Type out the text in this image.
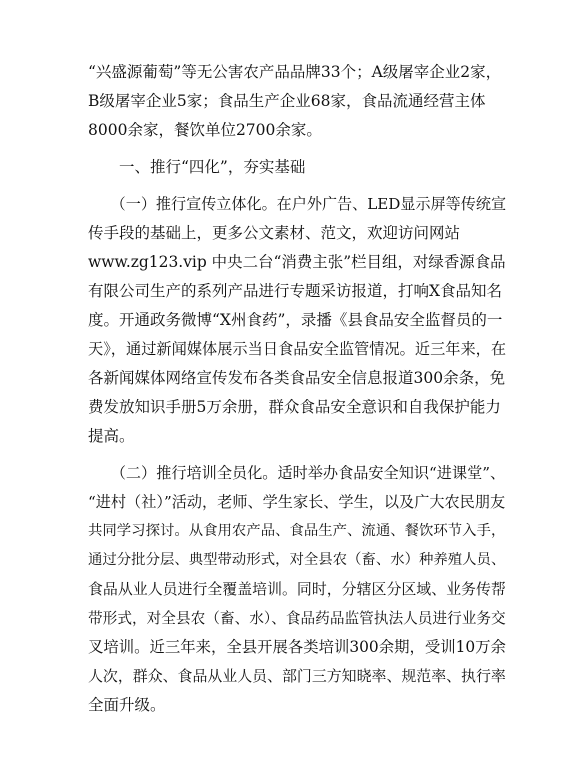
“兴盛源葡萄”等无公害农产品品牌33个；A级屠宰企业2家，
B级屠宰企业5家；食品生产企业68家，食品流通经营主体
8000余家，餐饮单位2700余家。
　　一、推行“四化”，夯实基础
　　（一）推行宣传立体化。在户外广告、LED显示屏等传统宣
传手段的基础上，更多公文素材、范文，欢迎访问网站
www.zg123.vip 中央二台“消费主张”栏目组，对绿香源食品
有限公司生产的系列产品进行专题采访报道，打响X食品知名
度。开通政务微博“X州食药”，录播《县食品安全监督员的一
天》，通过新闻媒体展示当日食品安全监管情况。近三年来，在
各新闻媒体网络宣传发布各类食品安全信息报道300余条，免
费发放知识手册5万余册，群众食品安全意识和自我保护能力
提高。
　　（二）推行培训全员化。适时举办食品安全知识“进课堂”、
“进村（社）”活动，老师、学生家长、学生，以及广大农民朋友
共同学习探讨。从食用农产品、食品生产、流通、餐饮环节入手，
通过分批分层、典型带动形式，对全县农（畜、水）种养殖人员、
食品从业人员进行全覆盖培训。同时，分辖区分区域、业务传帮
带形式，对全县农（畜、水）、食品药品监管执法人员进行业务交
叉培训。近三年来，全县开展各类培训300余期，受训10万余
人次，群众、食品从业人员、部门三方知晓率、规范率、执行率
全面升级。
